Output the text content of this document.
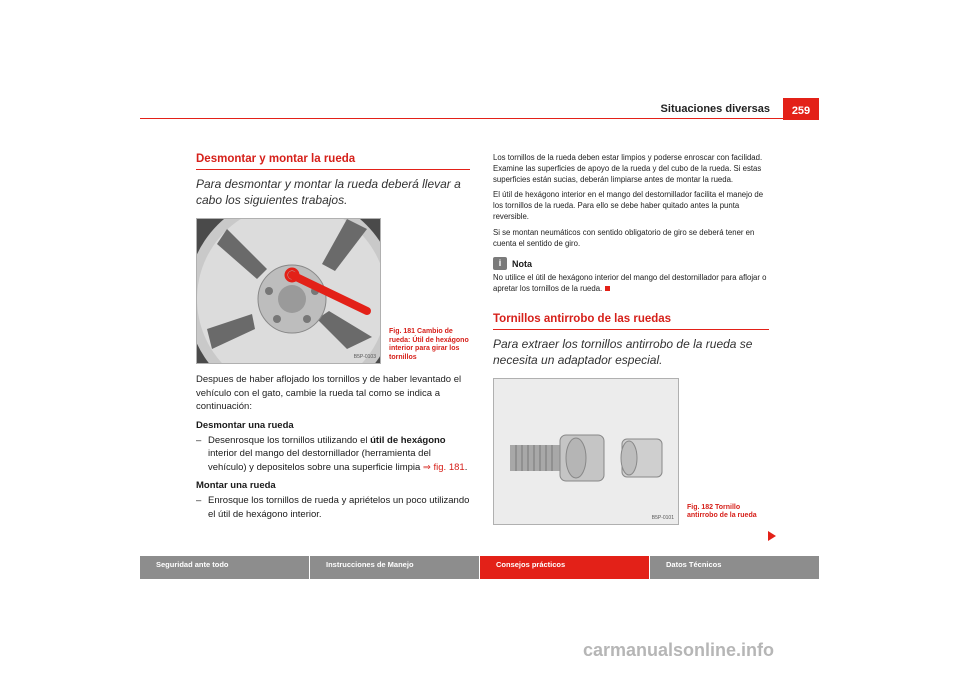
Situaciones diversas	259
Desmontar y montar la rueda
Para desmontar y montar la rueda deberá llevar a cabo los siguientes trabajos.
B5P-0103
Fig. 181 Cambio de rueda: Útil de hexágono interior para girar los tornillos

Despues de haber aflojado los tornillos y de haber levantado el vehículo con el gato, cambie la rueda tal como se indica a continuación:

Desmontar una rueda
– Desenrosque los tornillos utilizando el útil de hexágono interior del mango del destornillador (herramienta del vehículo) y depositelos sobre una superficie limpia ⇒ fig. 181.
Montar una rueda
– Enrosque los tornillos de rueda y apriételos un poco utilizando el útil de hexágono interior.

Los tornillos de la rueda deben estar limpios y poderse enroscar con facilidad. Examine las superficies de apoyo de la rueda y del cubo de la rueda. Si estas superficies están sucias, deberán limpiarse antes de montar la rueda.

El útil de hexágono interior en el mango del destornillador facilita el manejo de los tornillos de la rueda. Para ello se debe haber quitado antes la punta reversible.

Si se montan neumáticos con sentido obligatorio de giro se deberá tener en cuenta el sentido de giro.

i	Nota

No utilice el útil de hexágono interior del mango del destornillador para aflojar o apretar los tornillos de la rueda.

Tornillos antirrobo de las ruedas
Para extraer los tornillos antirrobo de la rueda se necesita un adaptador especial.
B5P-0101
Fig. 182 Tornillo antirrobo de la rueda
Seguridad ante todo	Instrucciones de Manejo	Consejos prácticos	Datos Técnicos
carmanualsonline.info
